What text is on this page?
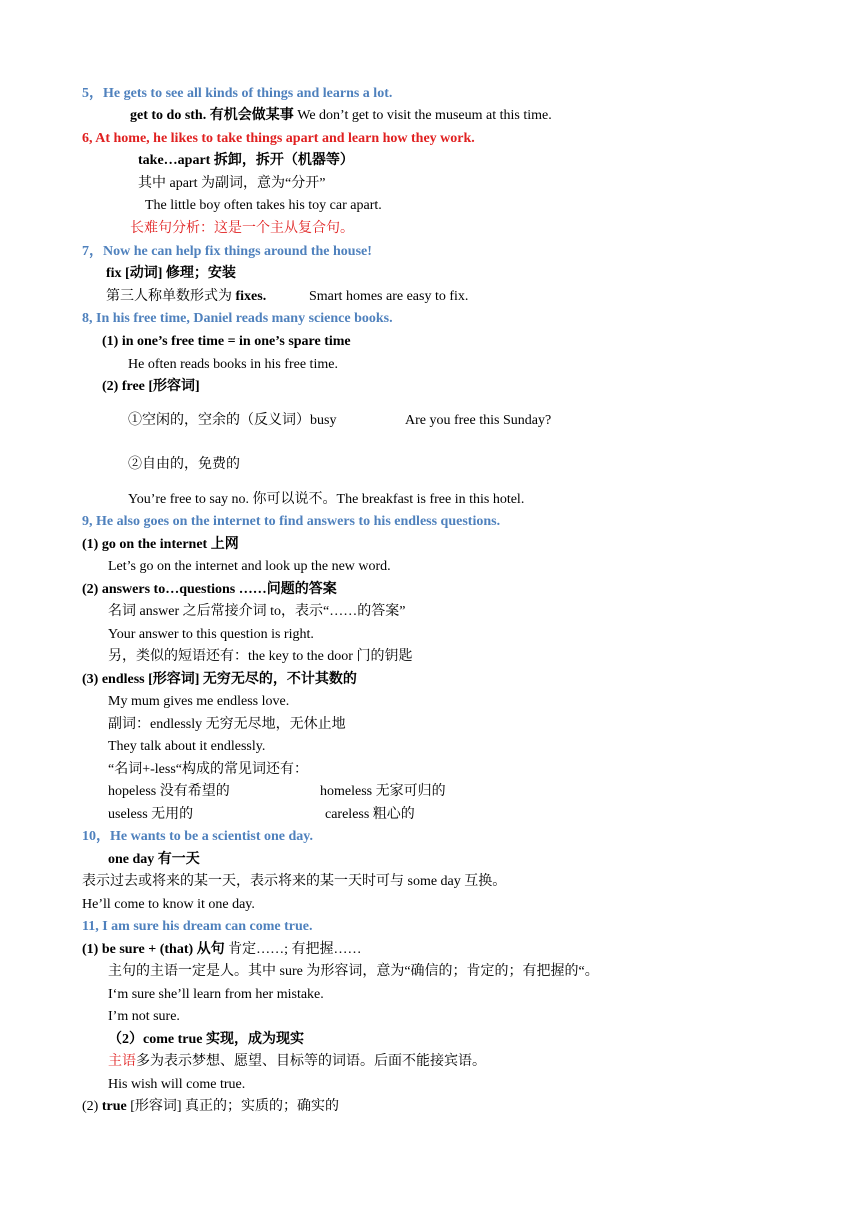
5，He gets to see all kinds of things and learns a lot.
get to do sth. 有机会做某事 We don’t get to visit the museum at this time.
6, At home, he likes to take things apart and learn how they work.
take…apart 拆卸，拆开（机器等）
其中 apart 为副词，意为“分开”
The little boy often takes his toy car apart.
长难句分析：这是一个主从复合句。
7，Now he can help fix things around the house!
fix [动词] 修理；安装
第三人称单数形式为 fixes.	Smart homes are easy to fix.
8, In his free time, Daniel reads many science books.
(1) in one’s free time = in one’s spare time
He often reads books in his free time.
(2) free [形容词]
①空闲的，空余的（反义词）busy	Are you free this Sunday?
②自由的，免费的
You’re free to say no. 你可以说不。The breakfast is free in this hotel.
9, He also goes on the internet to find answers to his endless questions.
(1) go on the internet 上网
Let’s go on the internet and look up the new word.
(2) answers to…questions ……问题的答案
名词 answer 之后常接介词 to，表示“……的答案”
Your answer to this question is right.
另，类似的短语还有：the key to the door 门的钥匙
(3) endless [形容词] 无穷无尽的，不计其数的
My mum gives me endless love.
副词：endlessly 无穷无尽地，无休止地
They talk about it endlessly.
“名词+-less“构成的常见词还有：
hopeless 没有希望的	homeless 无家可归的
useless 无用的	careless 粗心的
10，He wants to be a scientist one day.
one day 有一天
表示过去或将来的某一天，表示将来的某一天时可与 some day 互换。
He’ll come to know it one day.
11, I am sure his dream can come true.
(1) be sure + (that) 从句 肯定……; 有把握……
主句的主语一定是人。其中 sure 为形容词，意为“确信的；肯定的；有把握的“。
I‘m sure she’ll learn from her mistake.
I’m not sure.
（2）come true 实现，成为现实
主语多为表示梦想、愿望、目标等的词语。后面不能接宾语。
His wish will come true.
(2) true [形容词] 真正的；实质的；确实的
